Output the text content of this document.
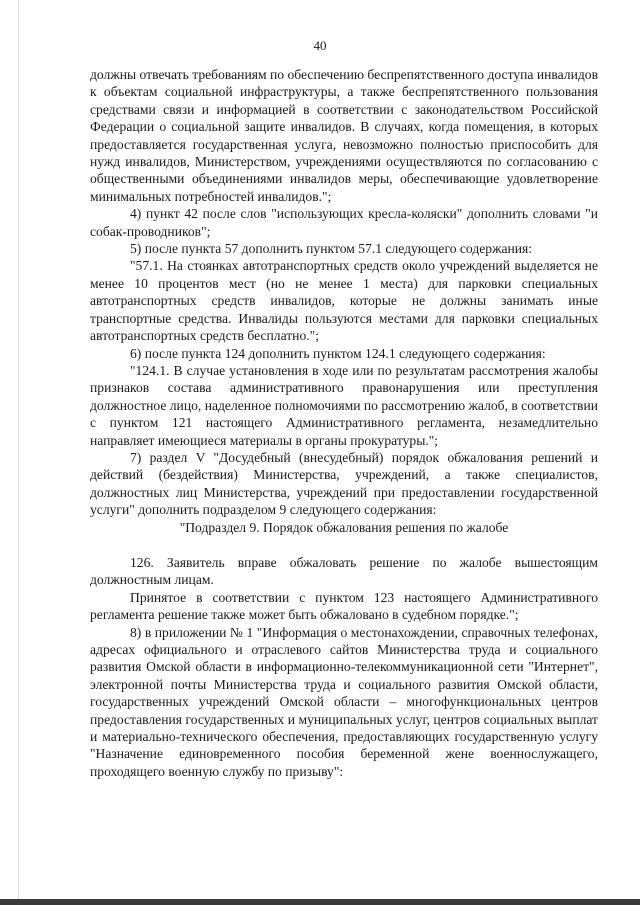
40

должны отвечать требованиям по обеспечению беспрепятственного доступа инвалидов к объектам социальной инфраструктуры, а также беспрепятственного пользования средствами связи и информацией в соответствии с законодательством Российской Федерации о социальной защите инвалидов. В случаях, когда помещения, в которых предоставляется государственная услуга, невозможно полностью приспособить для нужд инвалидов, Министерством, учреждениями осуществляются по согласованию с общественными объединениями инвалидов меры, обеспечивающие удовлетворение минимальных потребностей инвалидов.";

4) пункт 42 после слов "использующих кресла-коляски" дополнить словами "и собак-проводников";

5) после пункта 57 дополнить пунктом 57.1 следующего содержания:

"57.1. На стоянках автотранспортных средств около учреждений выделяется не менее 10 процентов мест (но не менее 1 места) для парковки специальных автотранспортных средств инвалидов, которые не должны занимать иные транспортные средства. Инвалиды пользуются местами для парковки специальных автотранспортных средств бесплатно.";

6) после пункта 124 дополнить пунктом 124.1 следующего содержания:

"124.1. В случае установления в ходе или по результатам рассмотрения жалобы признаков состава административного правонарушения или преступления должностное лицо, наделенное полномочиями по рассмотрению жалоб, в соответствии с пунктом 121 настоящего Административного регламента, незамедлительно направляет имеющиеся материалы в органы прокуратуры.";

7) раздел V "Досудебный (внесудебный) порядок обжалования решений и действий (бездействия) Министерства, учреждений, а также специалистов, должностных лиц Министерства, учреждений при предоставлении государственной услуги" дополнить подразделом 9 следующего содержания:

"Подраздел 9. Порядок обжалования решения по жалобе

126. Заявитель вправе обжаловать решение по жалобе вышестоящим должностным лицам.

Принятое в соответствии с пунктом 123 настоящего Административного регламента решение также может быть обжаловано в судебном порядке.";

8) в приложении № 1 "Информация о местонахождении, справочных телефонах, адресах официального и отраслевого сайтов Министерства труда и социального развития Омской области в информационно-телекоммуникационной сети "Интернет", электронной почты Министерства труда и социального развития Омской области, государственных учреждений Омской области – многофункциональных центров предоставления государственных и муниципальных услуг, центров социальных выплат и материально-технического обеспечения, предоставляющих государственную услугу "Назначение единовременного пособия беременной жене военнослужащего, проходящего военную службу по призыву":
